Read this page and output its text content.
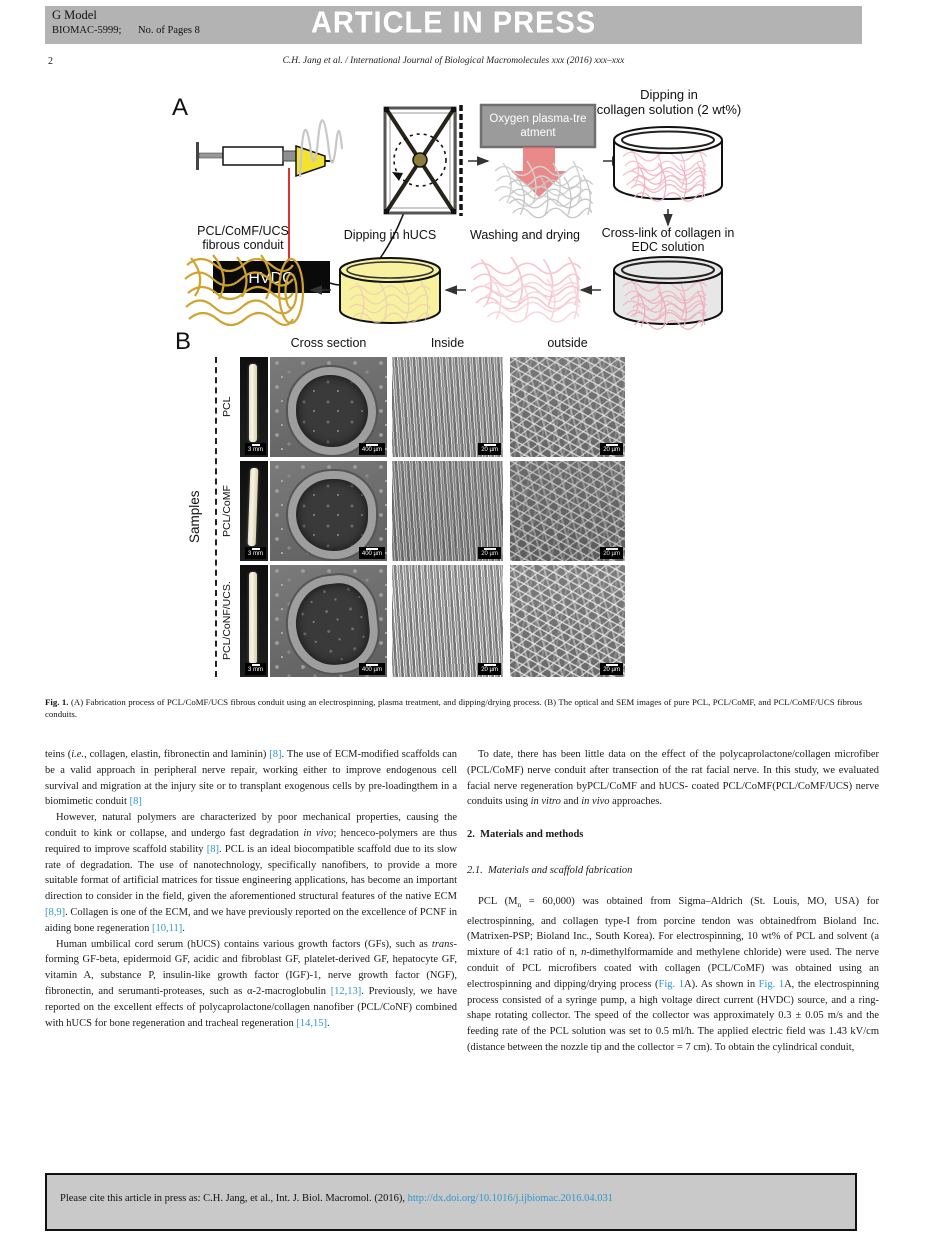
G Model
BIOMAC-5999; No. of Pages 8	ARTICLE IN PRESS
2	C.H. Jang et al. / International Journal of Biological Macromolecules xxx (2016) xxx–xxx
A
HVDC
Oxygen plasma-tre
atment
Dipping in
collagen solution (2 wt%)
Cross-link of collagen in
EDC solution
Washing and drying
Dipping in hUCS
PCL/CoMF/UCS
fibrous conduit
B
Samples
Cross section	Inside	outside
PCL
PCL/CoMF
PCL/CoNF/UCS.
3 mm	400 µm	20 µm	20 µm
3 mm	400 µm	20 µm	20 µm
3 mm	400 µm	20 µm	20 µm
Fig. 1. (A) Fabrication process of PCL/CoMF/UCS fibrous conduit using an electrospinning, plasma treatment, and dipping/drying process. (B) The optical and SEM images of pure PCL, PCL/CoMF, and PCL/CoMF/UCS fibrous conduits.

teins (i.e., collagen, elastin, fibronectin and laminin) [8]. The use of ECM-modified scaffolds can be a valid approach in peripheral nerve repair, working either to improve endogenous cell survival and migration at the injury site or to transplant exogenous cells by pre-loadingthem in a biomimetic conduit [8]

However, natural polymers are characterized by poor mechanical properties, causing the conduit to kink or collapse, and undergo fast degradation in vivo; henceco-polymers are thus required to improve scaffold stability [8]. PCL is an ideal biocompatible scaffold due to its slow rate of degradation. The use of nanotechnology, specifically nanofibers, to provide a more suitable format of artificial matrices for tissue engineering applications, has become an important direction to consider in the field, given the aforementioned structural features of the native ECM [8,9]. Collagen is one of the ECM, and we have previously reported on the excellence of PCNF in aiding bone regeneration [10,11].

Human umbilical cord serum (hUCS) contains various growth factors (GFs), such as trans-forming GF-beta, epidermoid GF, acidic and fibroblast GF, platelet-derived GF, hepatocyte GF, vitamin A, substance P, insulin-like growth factor (IGF)-1, nerve growth factor (NGF), fibronectin, and serumanti-proteases, such as α-2-macroglobulin [12,13]. Previously, we have reported on the excellent effects of polycaprolactone/collagen nanofiber (PCL/CoNF) combined with hUCS for bone regeneration and tracheal regeneration [14,15].

To date, there has been little data on the effect of the polycaprolactone/collagen microfiber (PCL/CoMF) nerve conduit after transection of the rat facial nerve. In this study, we evaluated facial nerve regeneration byPCL/CoMF and hUCS- coated PCL/CoMF(PCL/CoMF/UCS) nerve conduits using in vitro and in vivo approaches.

2.  Materials and methods
2.1.  Materials and scaffold fabrication

PCL $(M_n = 60,000)$ was obtained from Sigma–Aldrich (St. Louis, MO, USA) for electrospinning, and collagen type-I from porcine tendon was obtainedfrom Bioland Inc. (Matrixen-PSP; Bioland Inc., South Korea). For electrospinning, 10 wt% of PCL and solvent (a mixture of 4:1 ratio of n, n-dimethylformamide and methylene chloride) were used. The nerve conduit of PCL microfibers coated with collagen (PCL/CoMF) was obtained using an electrospinning and dipping/drying process (Fig. 1A). As shown in Fig. 1A, the electrospinning process consisted of a syringe pump, a high voltage direct current (HVDC) source, and a ring-shape rotating collector. The speed of the collector was approximately 0.3 ± 0.05 m/s and the feeding rate of the PCL solution was set to 0.5 ml/h. The applied electric field was 1.43 kV/cm (distance between the nozzle tip and the collector = 7 cm). To obtain the cylindrical conduit,

Please cite this article in press as: C.H. Jang, et al., Int. J. Biol. Macromol. (2016), http://dx.doi.org/10.1016/j.ijbiomac.2016.04.031
